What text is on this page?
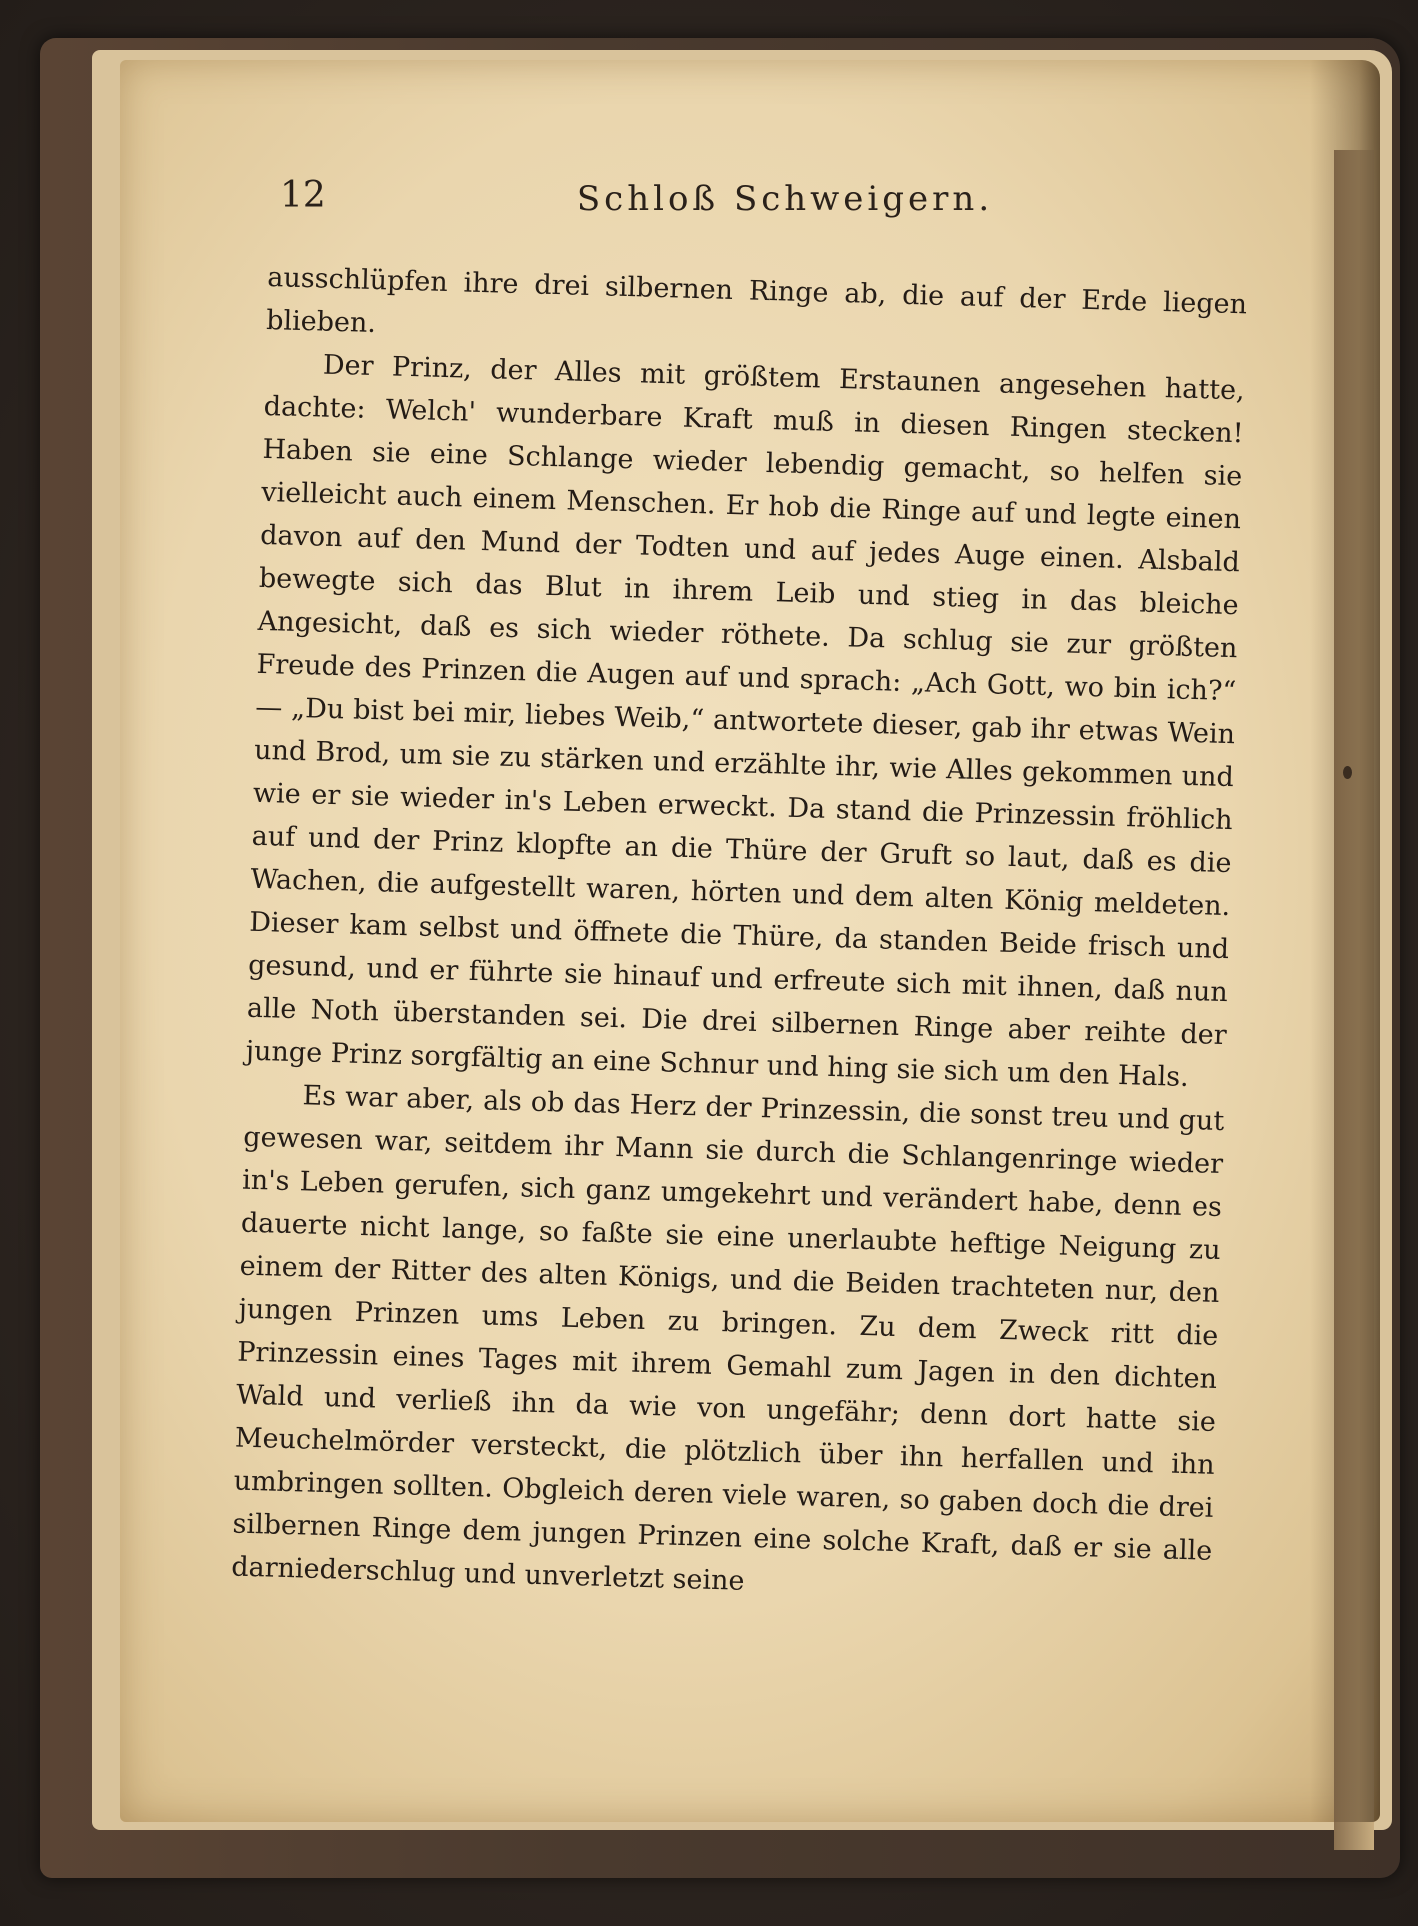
12	Schloß Schweigern.

ausschlüpfen ihre drei silbernen Ringe ab, die auf der Erde liegen blieben.

Der Prinz, der Alles mit größtem Erstaunen angesehen hatte, dachte: Welch' wunderbare Kraft muß in diesen Ringen stecken! Haben sie eine Schlange wieder lebendig gemacht, so helfen sie vielleicht auch einem Menschen. Er hob die Ringe auf und legte einen davon auf den Mund der Todten und auf jedes Auge einen. Alsbald bewegte sich das Blut in ihrem Leib und stieg in das bleiche Angesicht, daß es sich wieder röthete. Da schlug sie zur größten Freude des Prinzen die Augen auf und sprach: „Ach Gott, wo bin ich?“ — „Du bist bei mir, liebes Weib,“ antwortete dieser, gab ihr etwas Wein und Brod, um sie zu stärken und erzählte ihr, wie Alles gekommen und wie er sie wieder in's Leben erweckt. Da stand die Prinzessin fröhlich auf und der Prinz klopfte an die Thüre der Gruft so laut, daß es die Wachen, die aufgestellt waren, hörten und dem alten König meldeten. Dieser kam selbst und öffnete die Thüre, da standen Beide frisch und gesund, und er führte sie hinauf und erfreute sich mit ihnen, daß nun alle Noth überstanden sei. Die drei silbernen Ringe aber reihte der junge Prinz sorgfältig an eine Schnur und hing sie sich um den Hals.

Es war aber, als ob das Herz der Prinzessin, die sonst treu und gut gewesen war, seitdem ihr Mann sie durch die Schlangenringe wieder in's Leben gerufen, sich ganz umgekehrt und verändert habe, denn es dauerte nicht lange, so faßte sie eine unerlaubte heftige Neigung zu einem der Ritter des alten Königs, und die Beiden trachteten nur, den jungen Prinzen ums Leben zu bringen. Zu dem Zweck ritt die Prinzessin eines Tages mit ihrem Gemahl zum Jagen in den dichten Wald und verließ ihn da wie von ungefähr; denn dort hatte sie Meuchelmörder versteckt, die plötzlich über ihn herfallen und ihn umbringen sollten. Obgleich deren viele waren, so gaben doch die drei silbernen Ringe dem jungen Prinzen eine solche Kraft, daß er sie alle darniederschlug und unverletzt seine
